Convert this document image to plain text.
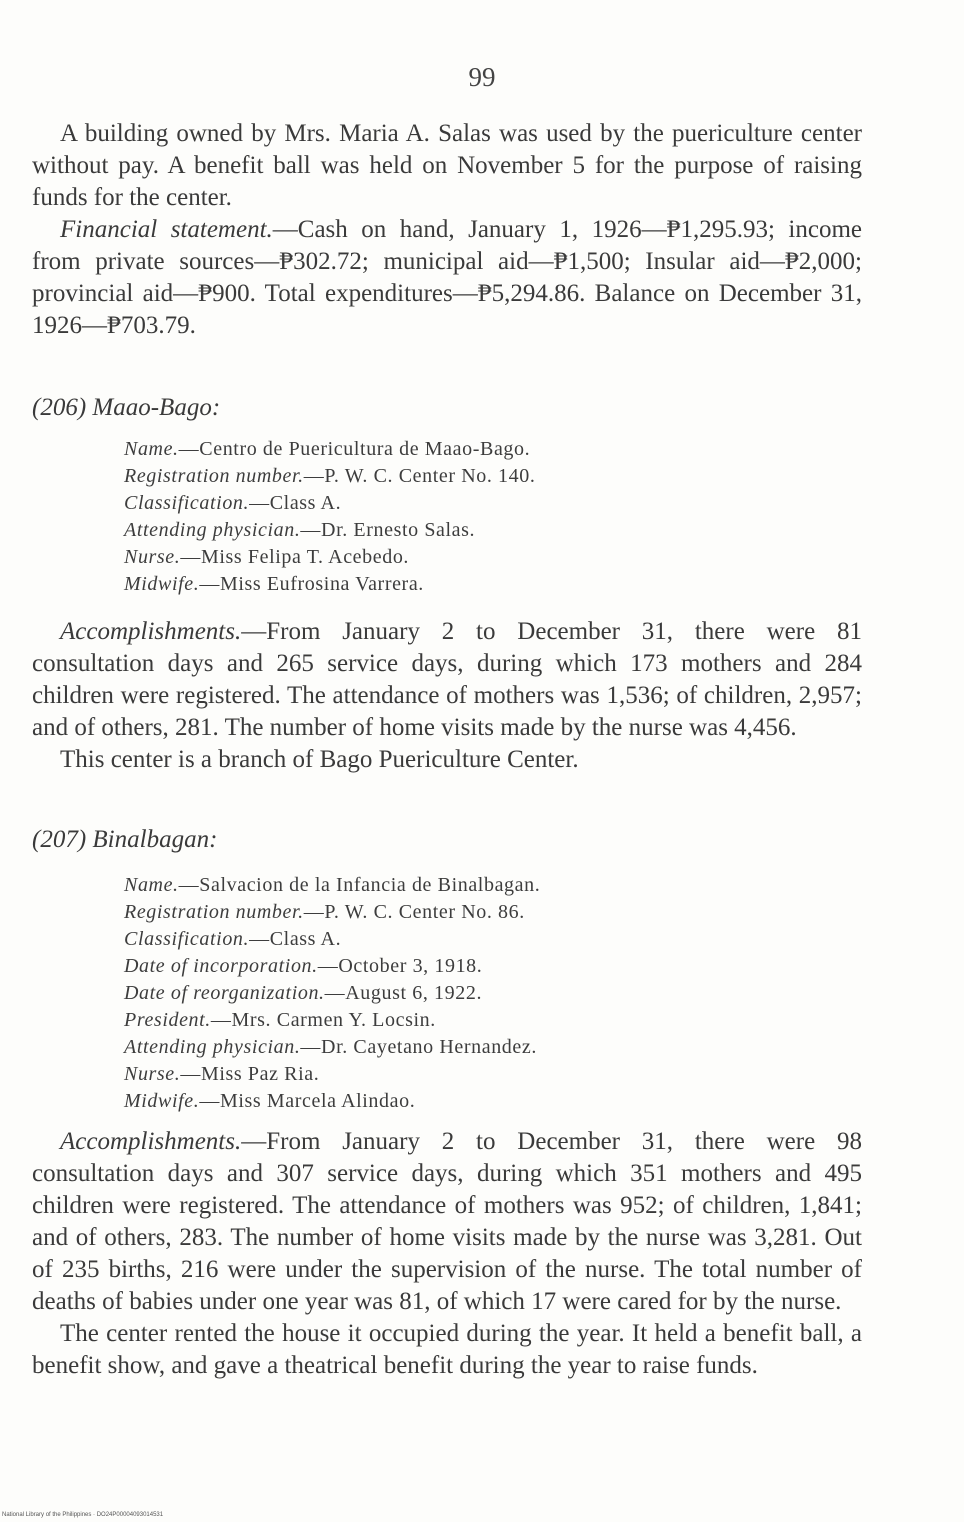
99

A building owned by Mrs. Maria A. Salas was used by the puericulture center without pay. A benefit ball was held on November 5 for the purpose of raising funds for the center.

Financial statement.—Cash on hand, January 1, 1926—₱1,295.93; income from private sources—₱302.72; municipal aid—₱1,500; Insular aid—₱2,000; provincial aid—₱900. Total expenditures—₱5,294.86. Balance on December 31, 1926—₱703.79.

(206) Maao-Bago:

Name.—Centro de Puericultura de Maao-Bago.
Registration number.—P. W. C. Center No. 140.
Classification.—Class A.
Attending physician.—Dr. Ernesto Salas.
Nurse.—Miss Felipa T. Acebedo.
Midwife.—Miss Eufrosina Varrera.

Accomplishments.—From January 2 to December 31, there were 81 consultation days and 265 service days, during which 173 mothers and 284 children were registered. The attendance of mothers was 1,536; of children, 2,957; and of others, 281. The number of home visits made by the nurse was 4,456.

This center is a branch of Bago Puericulture Center.

(207) Binalbagan:

Name.—Salvacion de la Infancia de Binalbagan.
Registration number.—P. W. C. Center No. 86.
Classification.—Class A.
Date of incorporation.—October 3, 1918.
Date of reorganization.—August 6, 1922.
President.—Mrs. Carmen Y. Locsin.
Attending physician.—Dr. Cayetano Hernandez.
Nurse.—Miss Paz Ria.
Midwife.—Miss Marcela Alindao.

Accomplishments.—From January 2 to December 31, there were 98 consultation days and 307 service days, during which 351 mothers and 495 children were registered. The attendance of mothers was 952; of children, 1,841; and of others, 283. The number of home visits made by the nurse was 3,281. Out of 235 births, 216 were under the supervision of the nurse. The total number of deaths of babies under one year was 81, of which 17 were cared for by the nurse.

The center rented the house it occupied during the year. It held a benefit ball, a benefit show, and gave a theatrical benefit during the year to raise funds.

National Library of the Philippines · DO24P00004093014531
